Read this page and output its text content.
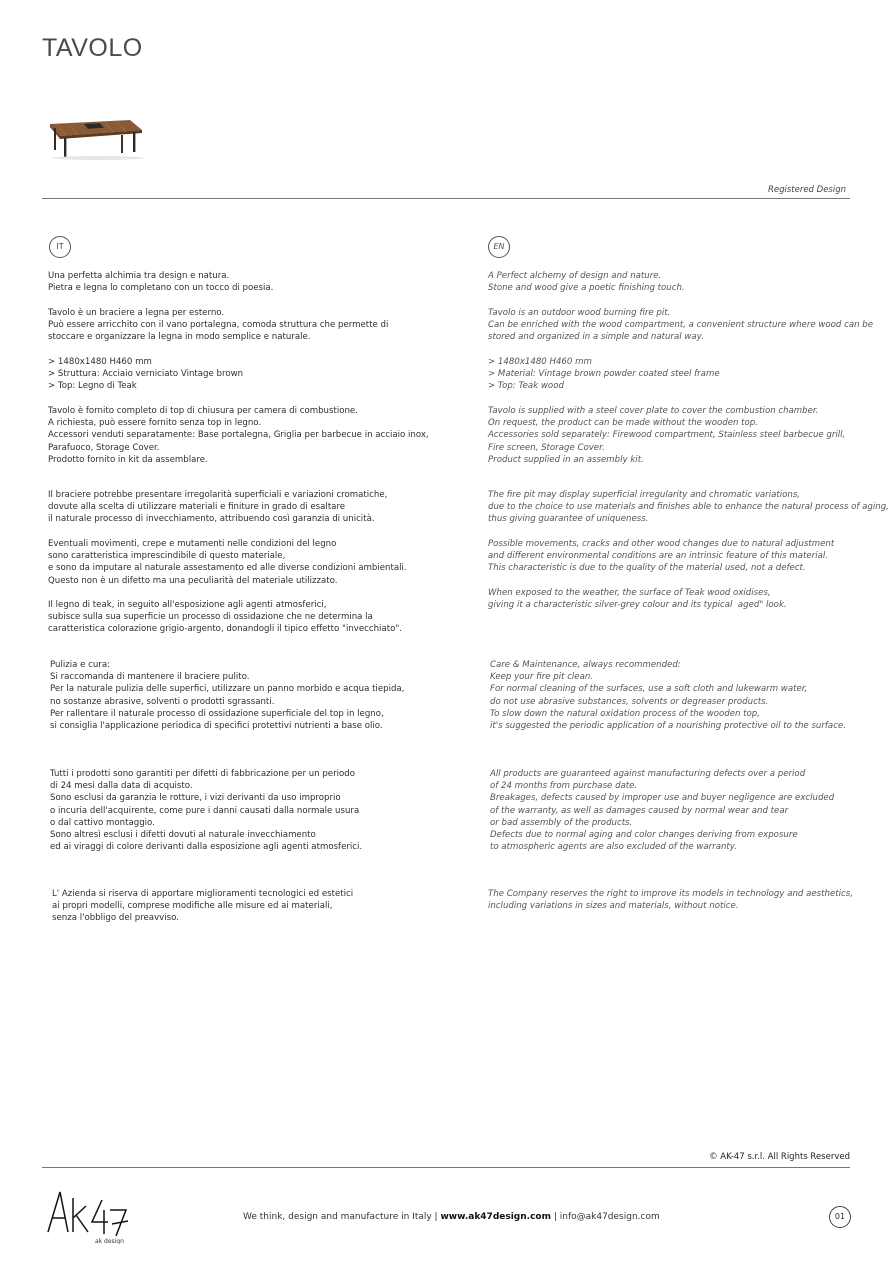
TAVOLO
Registered Design
IT	EN

Una perfetta alchimia tra design e natura.
Pietra e legna lo completano con un tocco di poesia.

Tavolo è un braciere a legna per esterno.
Può essere arricchito con il vano portalegna, comoda struttura che permette di
stoccare e organizzare la legna in modo semplice e naturale.

> 1480x1480 H460 mm
> Struttura: Acciaio verniciato Vintage brown
> Top: Legno di Teak

Tavolo è fornito completo di top di chiusura per camera di combustione.
A richiesta, può essere fornito senza top in legno.
Accessori venduti separatamente: Base portalegna, Griglia per barbecue in acciaio inox,
Parafuoco, Storage Cover.
Prodotto fornito in kit da assemblare.

Il braciere potrebbe presentare irregolarità superficiali e variazioni cromatiche,
dovute alla scelta di utilizzare materiali e finiture in grado di esaltare
il naturale processo di invecchiamento, attribuendo così garanzia di unicità.

Eventuali movimenti, crepe e mutamenti nelle condizioni del legno
sono caratteristica imprescindibile di questo materiale,
e sono da imputare al naturale assestamento ed alle diverse condizioni ambientali.
Questo non è un difetto ma una peculiarità del materiale utilizzato.

Il legno di teak, in seguito all'esposizione agli agenti atmosferici,
subisce sulla sua superficie un processo di ossidazione che ne determina la
caratteristica colorazione grigio-argento, donandogli il tipico effetto "invecchiato".

Pulizia e cura:
Si raccomanda di mantenere il braciere pulito.
Per la naturale pulizia delle superfici, utilizzare un panno morbido e acqua tiepida,
no sostanze abrasive, solventi o prodotti sgrassanti.
Per rallentare il naturale processo di ossidazione superficiale del top in legno,
si consiglia l'applicazione periodica di specifici protettivi nutrienti a base olio.

Tutti i prodotti sono garantiti per difetti di fabbricazione per un periodo
di 24 mesi dalla data di acquisto.
Sono esclusi da garanzia le rotture, i vizi derivanti da uso improprio
o incuria dell'acquirente, come pure i danni causati dalla normale usura
o dal cattivo montaggio.
Sono altresì esclusi i difetti dovuti al naturale invecchiamento
ed ai viraggi di colore derivanti dalla esposizione agli agenti atmosferici.

L' Azienda si riserva di apportare miglioramenti tecnologici ed estetici
ai propri modelli, comprese modifiche alle misure ed ai materiali,
senza l'obbligo del preavviso.

A Perfect alchemy of design and nature.
Stone and wood give a poetic finishing touch.

Tavolo is an outdoor wood burning fire pit.
Can be enriched with the wood compartment, a convenient structure where wood can be
stored and organized in a simple and natural way.

> 1480x1480 H460 mm
> Material: Vintage brown powder coated steel frame
> Top: Teak wood

Tavolo is supplied with a steel cover plate to cover the combustion chamber.
On request, the product can be made without the wooden top.
Accessories sold separately: Firewood compartment, Stainless steel barbecue grill,
Fire screen, Storage Cover.
Product supplied in an assembly kit.

The fire pit may display superficial irregularity and chromatic variations,
due to the choice to use materials and finishes able to enhance the natural process of aging,
thus giving guarantee of uniqueness.

Possible movements, cracks and other wood changes due to natural adjustment
and different environmental conditions are an intrinsic feature of this material.
This characteristic is due to the quality of the material used, not a defect.

When exposed to the weather, the surface of Teak wood oxidises,
giving it a characteristic silver-grey colour and its typical  aged" look.

Care & Maintenance, always recommended:
Keep your fire pit clean.
For normal cleaning of the surfaces, use a soft cloth and lukewarm water,
do not use abrasive substances, solvents or degreaser products.
To slow down the natural oxidation process of the wooden top,
it's suggested the periodic application of a nourishing protective oil to the surface.

All products are guaranteed against manufacturing defects over a period
of 24 months from purchase date.
Breakages, defects caused by improper use and buyer negligence are excluded
of the warranty, as well as damages caused by normal wear and tear
or bad assembly of the products.
Defects due to normal aging and color changes deriving from exposure
to atmospheric agents are also excluded of the warranty.

The Company reserves the right to improve its models in technology and aesthetics,
including variations in sizes and materials, without notice.

© AK-47 s.r.l. All Rights Reserved
ak design
We think, design and manufacture in Italy | www.ak47design.com | info@ak47design.com	01
